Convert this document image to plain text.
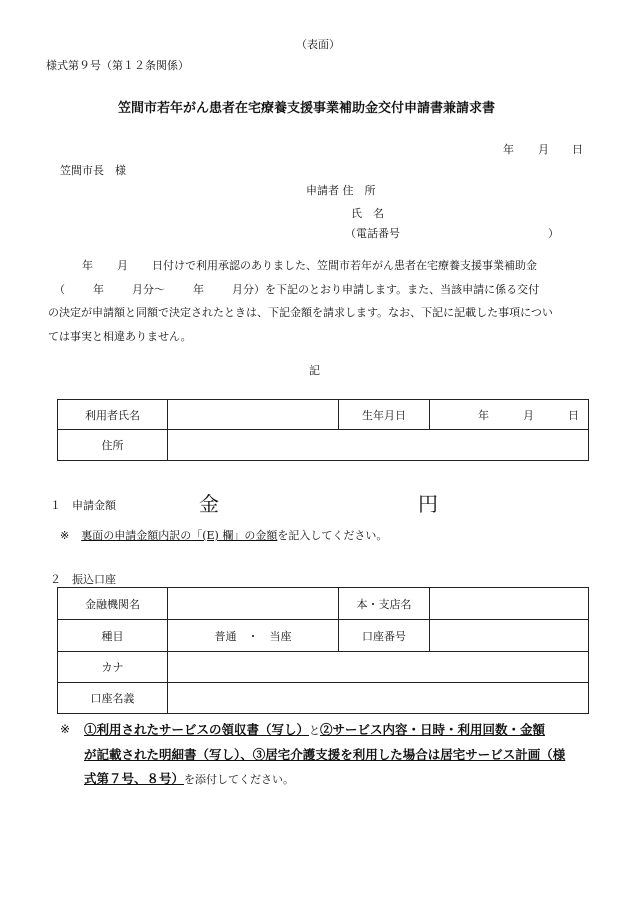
（表面）
様式第９号（第１２条関係）
笠間市若年がん患者在宅療養支援事業補助金交付申請書兼請求書
年 月 日
笠間市長　様
申請者 住　所
氏　名
（電話番号	）
年 月 日付けで利用承認のありました、笠間市若年がん患者在宅療養支援事業補助金
（	年	月分～	年	月分）を下記のとおり申請します。また、当該申請に係る交付
の決定が申請額と同額で決定されたときは、下記金額を請求します。なお、下記に記載した事項につい
ては事実と相違ありません。
記
利用者氏名		生年月日	年 月 日
住所			
１　申請金額	金	円
※ 裏面の申請金額内訳の「(E) 欄」の金額を記入してください。
２　振込口座
金融機関名		本・支店名	
種目	普通　・　当座	口座番号	
カナ			
口座名義			
※ ①利用されたサービスの領収書（写し）と②サービス内容・日時・利用回数・金額
が記載された明細書（写し）、③居宅介護支援を利用した場合は居宅サービス計画（様
式第７号、８号）を添付してください。
